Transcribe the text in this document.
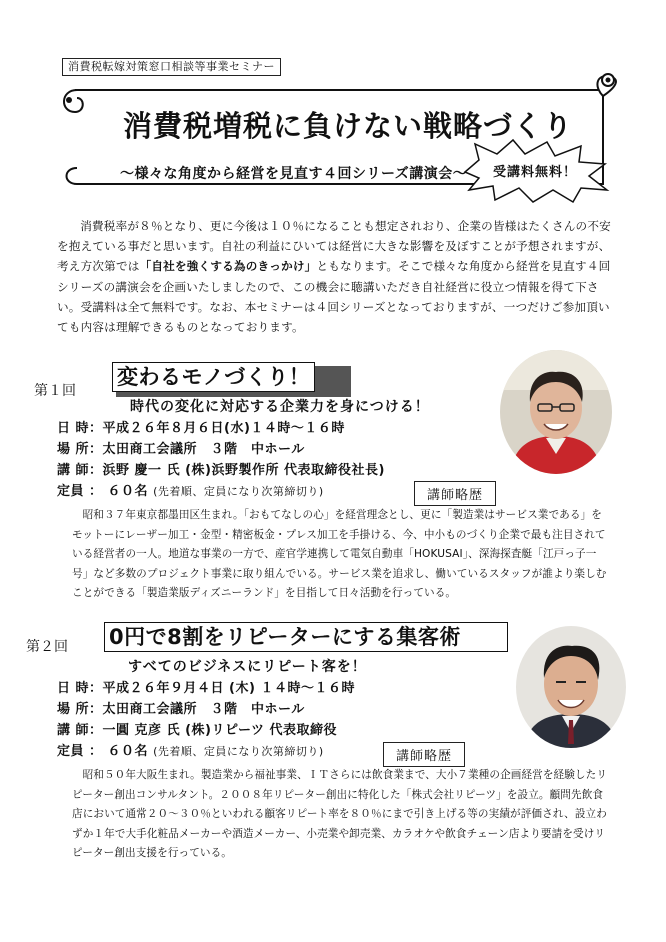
消費税転嫁対策窓口相談等事業セミナー
消費税増税に負けない戦略づくり
～様々な角度から経営を見直す４回シリーズ講演会～ 受講料無料！

消費税率が８％となり、更に今後は１０％になることも想定されおり、企業の皆様はたくさんの不安を抱えている事だと思います。自社の利益にひいては経営に大きな影響を及ぼすことが予想されますが、考え方次第では「自社を強くする為のきっかけ」ともなります。そこで様々な角度から経営を見直す４回シリーズの講演会を企画いたしましたので、この機会に聴講いただき自社経営に役立つ情報を得て下さい。受講料は全て無料です。なお、本セミナーは４回シリーズとなっておりますが、一つだけご参加頂いても内容は理解できるものとなっております。

第１回
変わるモノづくり！
時代の変化に対応する企業力を身につける！
日 時：平成２６年８月６日(水)１４時～１６時
場 所：太田商工会議所　３階　中ホール
講 師：浜野 慶一 氏 (株)浜野製作所 代表取締役社長)
定員 ： ６０名 (先着順、定員になり次第締切り)	講師略歴

昭和３７年東京都墨田区生まれ。「おもてなしの心」を経営理念とし、更に「製造業はサービス業である」をモットーにレーザー加工・金型・精密板金・プレス加工を手掛ける、今、中小ものづくり企業で最も注目されている経営者の一人。地道な事業の一方で、産官学連携して電気自動車「HOKUSAI」、深海探査艇「江戸っ子一号」など多数のプロジェクト事業に取り組んでいる。サービス業を追求し、働いているスタッフが誰より楽しむことができる「製造業版ディズニーランド」を目指して日々活動を行っている。

第２回 0円で8割をリピーターにする集客術
すべてのビジネスにリピート客を！
日 時：平成２６年９月４日 (木) １４時～１６時
場 所：太田商工会議所　３階　中ホール
講 師：一圓 克彦 氏 (株)リピーツ 代表取締役
定員 ： ６０名 (先着順、定員になり次第締切り)	講師略歴

昭和５０年大阪生まれ。製造業から福祉事業、ＩＴさらには飲食業まで、大小７業種の企画経営を経験したリピーター創出コンサルタント。２００８年リピーター創出に特化した「株式会社リピーツ」を設立。顧問先飲食店において通常２０～３０％といわれる顧客リピート率を８０％にまで引き上げる等の実績が評価され、設立わずか１年で大手化粧品メーカーや酒造メーカー、小売業や卸売業、カラオケや飲食チェーン店より要請を受けリピーター創出支援を行っている。
